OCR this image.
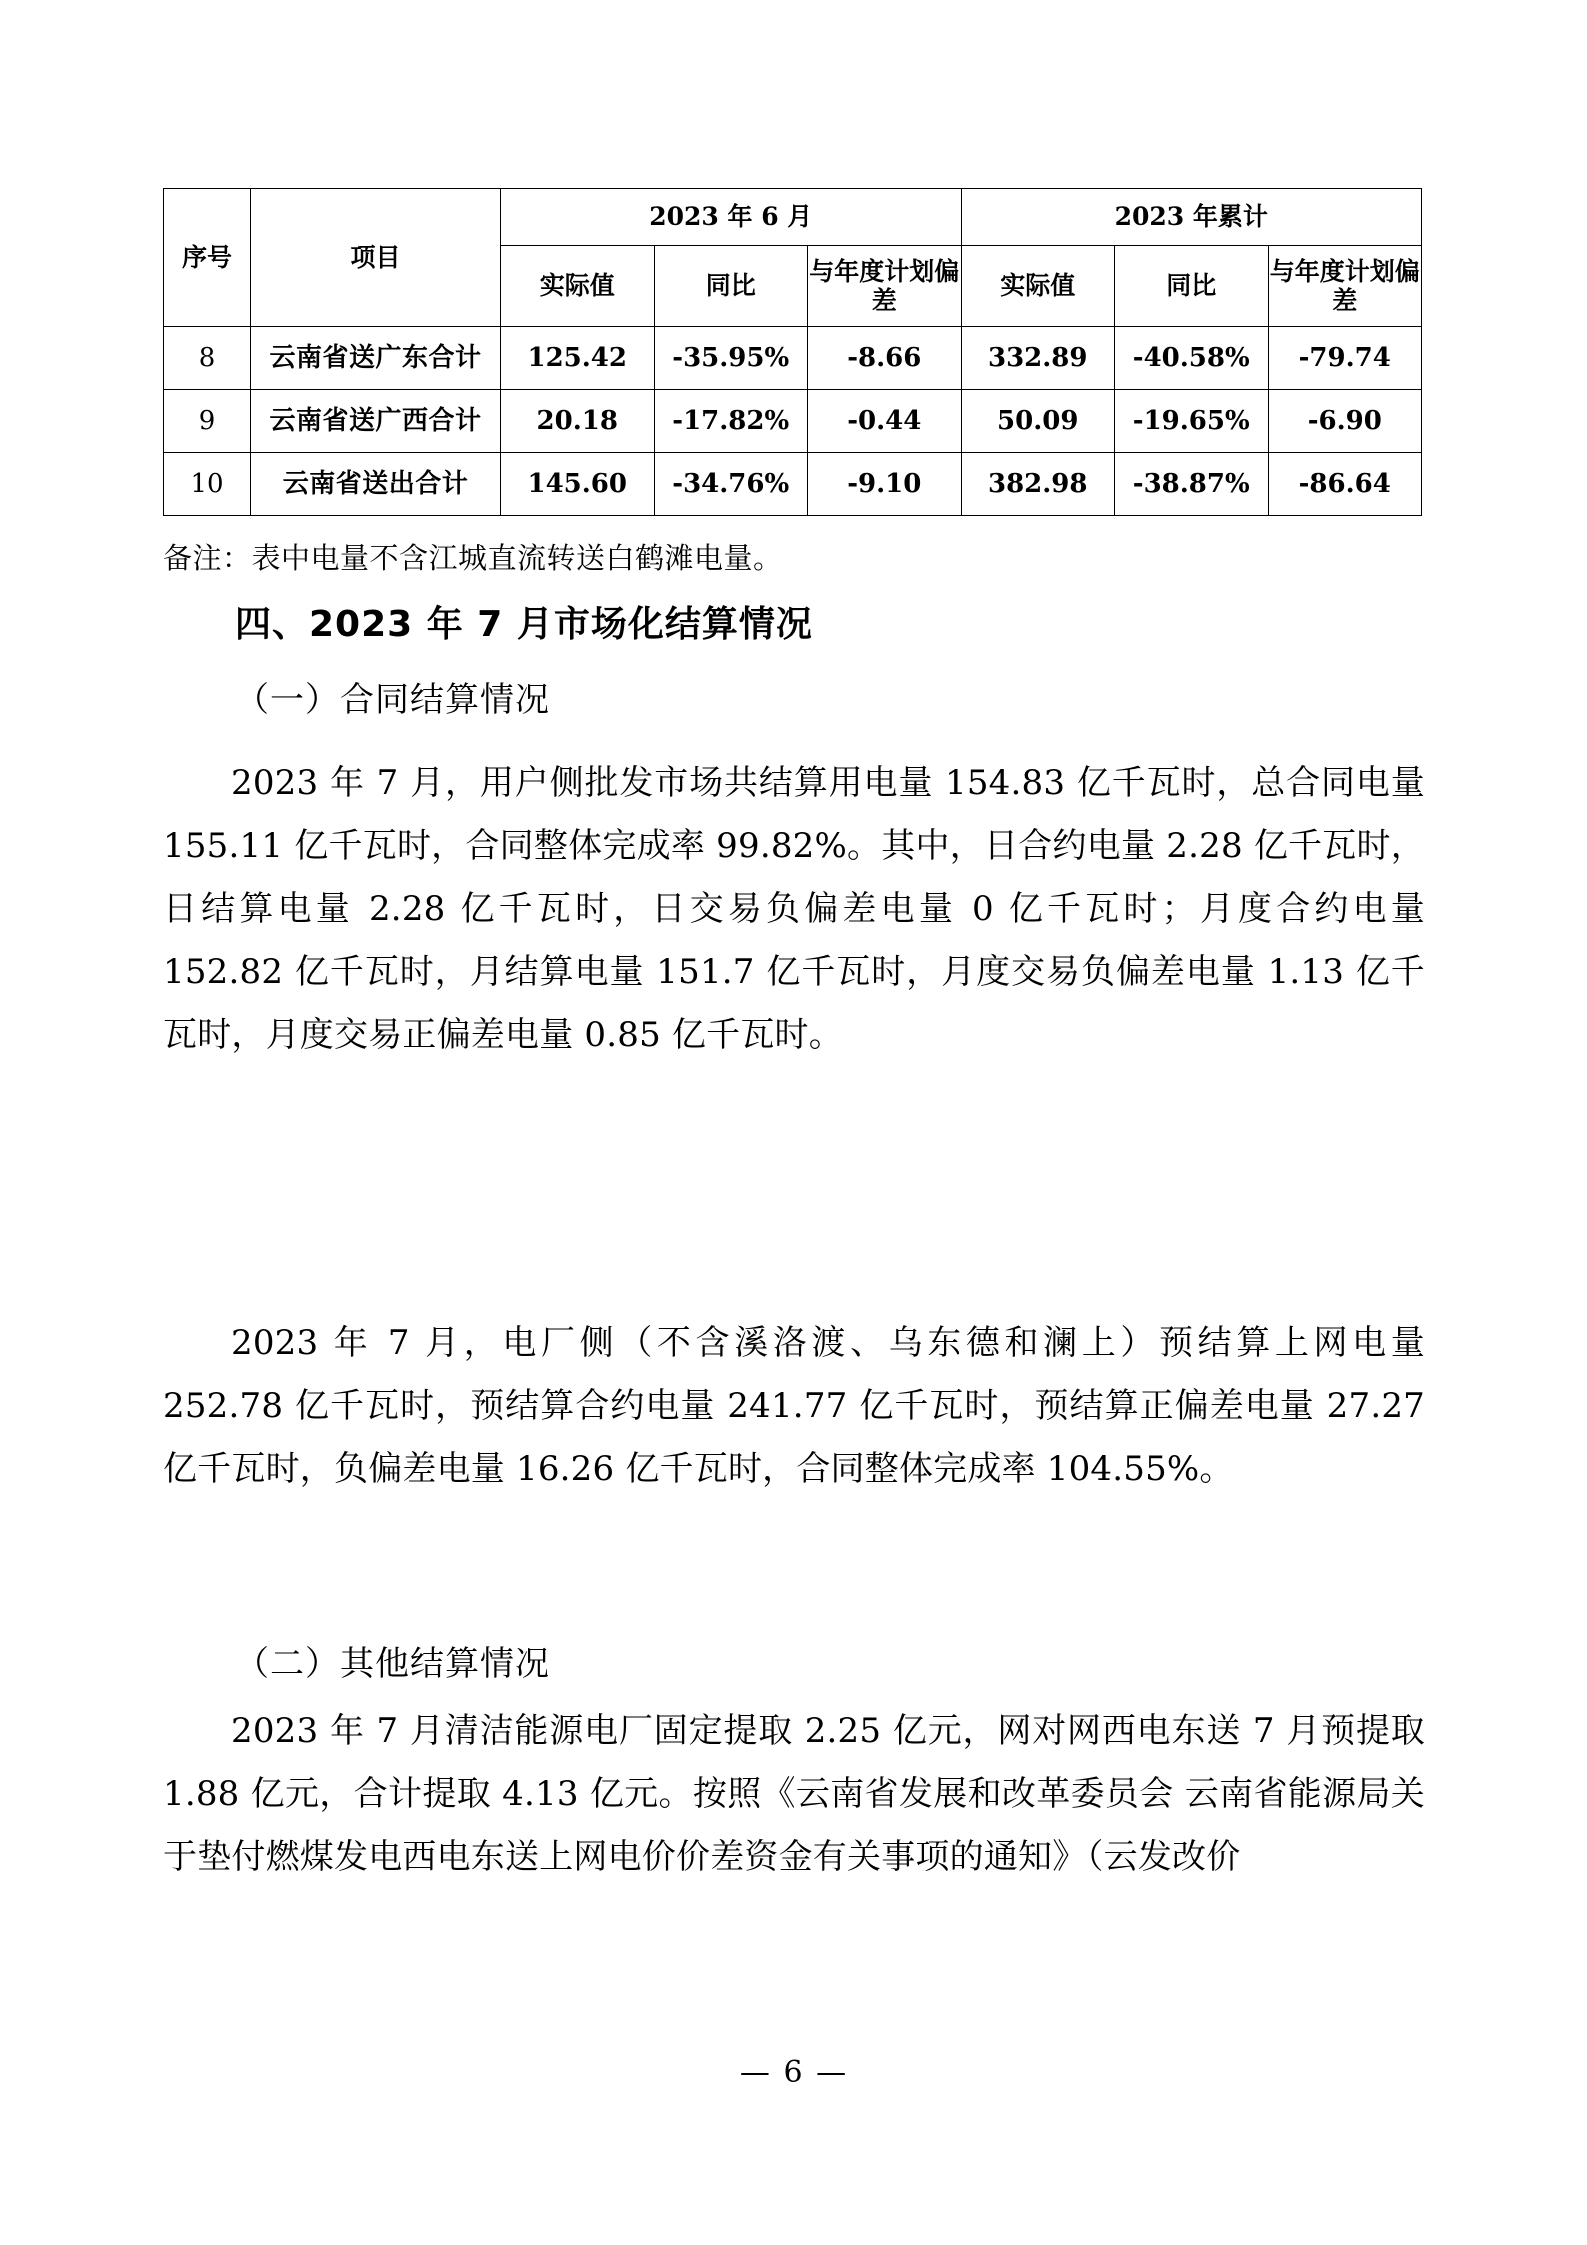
序号	项目	2023 年 6 月			2023 年累计		
		实际值	同比	与年度计划偏差	实际值	同比	与年度计划偏差
8	云南省送广东合计	125.42	-35.95%	-8.66	332.89	-40.58%	-79.74
9	云南省送广西合计	20.18	-17.82%	-0.44	50.09	-19.65%	-6.90
10	云南省送出合计	145.60	-34.76%	-9.10	382.98	-38.87%	-86.64
备注：表中电量不含江城直流转送白鹤滩电量。
四、2023 年 7 月市场化结算情况
（一）合同结算情况
2023 年 7 月，用户侧批发市场共结算用电量 154.83 亿千瓦时，总合同电量 155.11 亿千瓦时，合同整体完成率 99.82%。其中，日合约电量 2.28 亿千瓦时，日结算电量 2.28 亿千瓦时，日交易负偏差电量 0 亿千瓦时；月度合约电量 152.82 亿千瓦时，月结算电量 151.7 亿千瓦时，月度交易负偏差电量 1.13 亿千瓦时，月度交易正偏差电量 0.85 亿千瓦时。
2023 年 7 月，电厂侧（不含溪洛渡、乌东德和澜上）预结算上网电量 252.78 亿千瓦时，预结算合约电量 241.77 亿千瓦时，预结算正偏差电量 27.27 亿千瓦时，负偏差电量 16.26 亿千瓦时，合同整体完成率 104.55%。
（二）其他结算情况
2023 年 7 月清洁能源电厂固定提取 2.25 亿元，网对网西电东送 7 月预提取 1.88 亿元，合计提取 4.13 亿元。按照《云南省发展和改革委员会 云南省能源局关于垫付燃煤发电西电东送上网电价价差资金有关事项的通知》（云发改价
— 6 —
